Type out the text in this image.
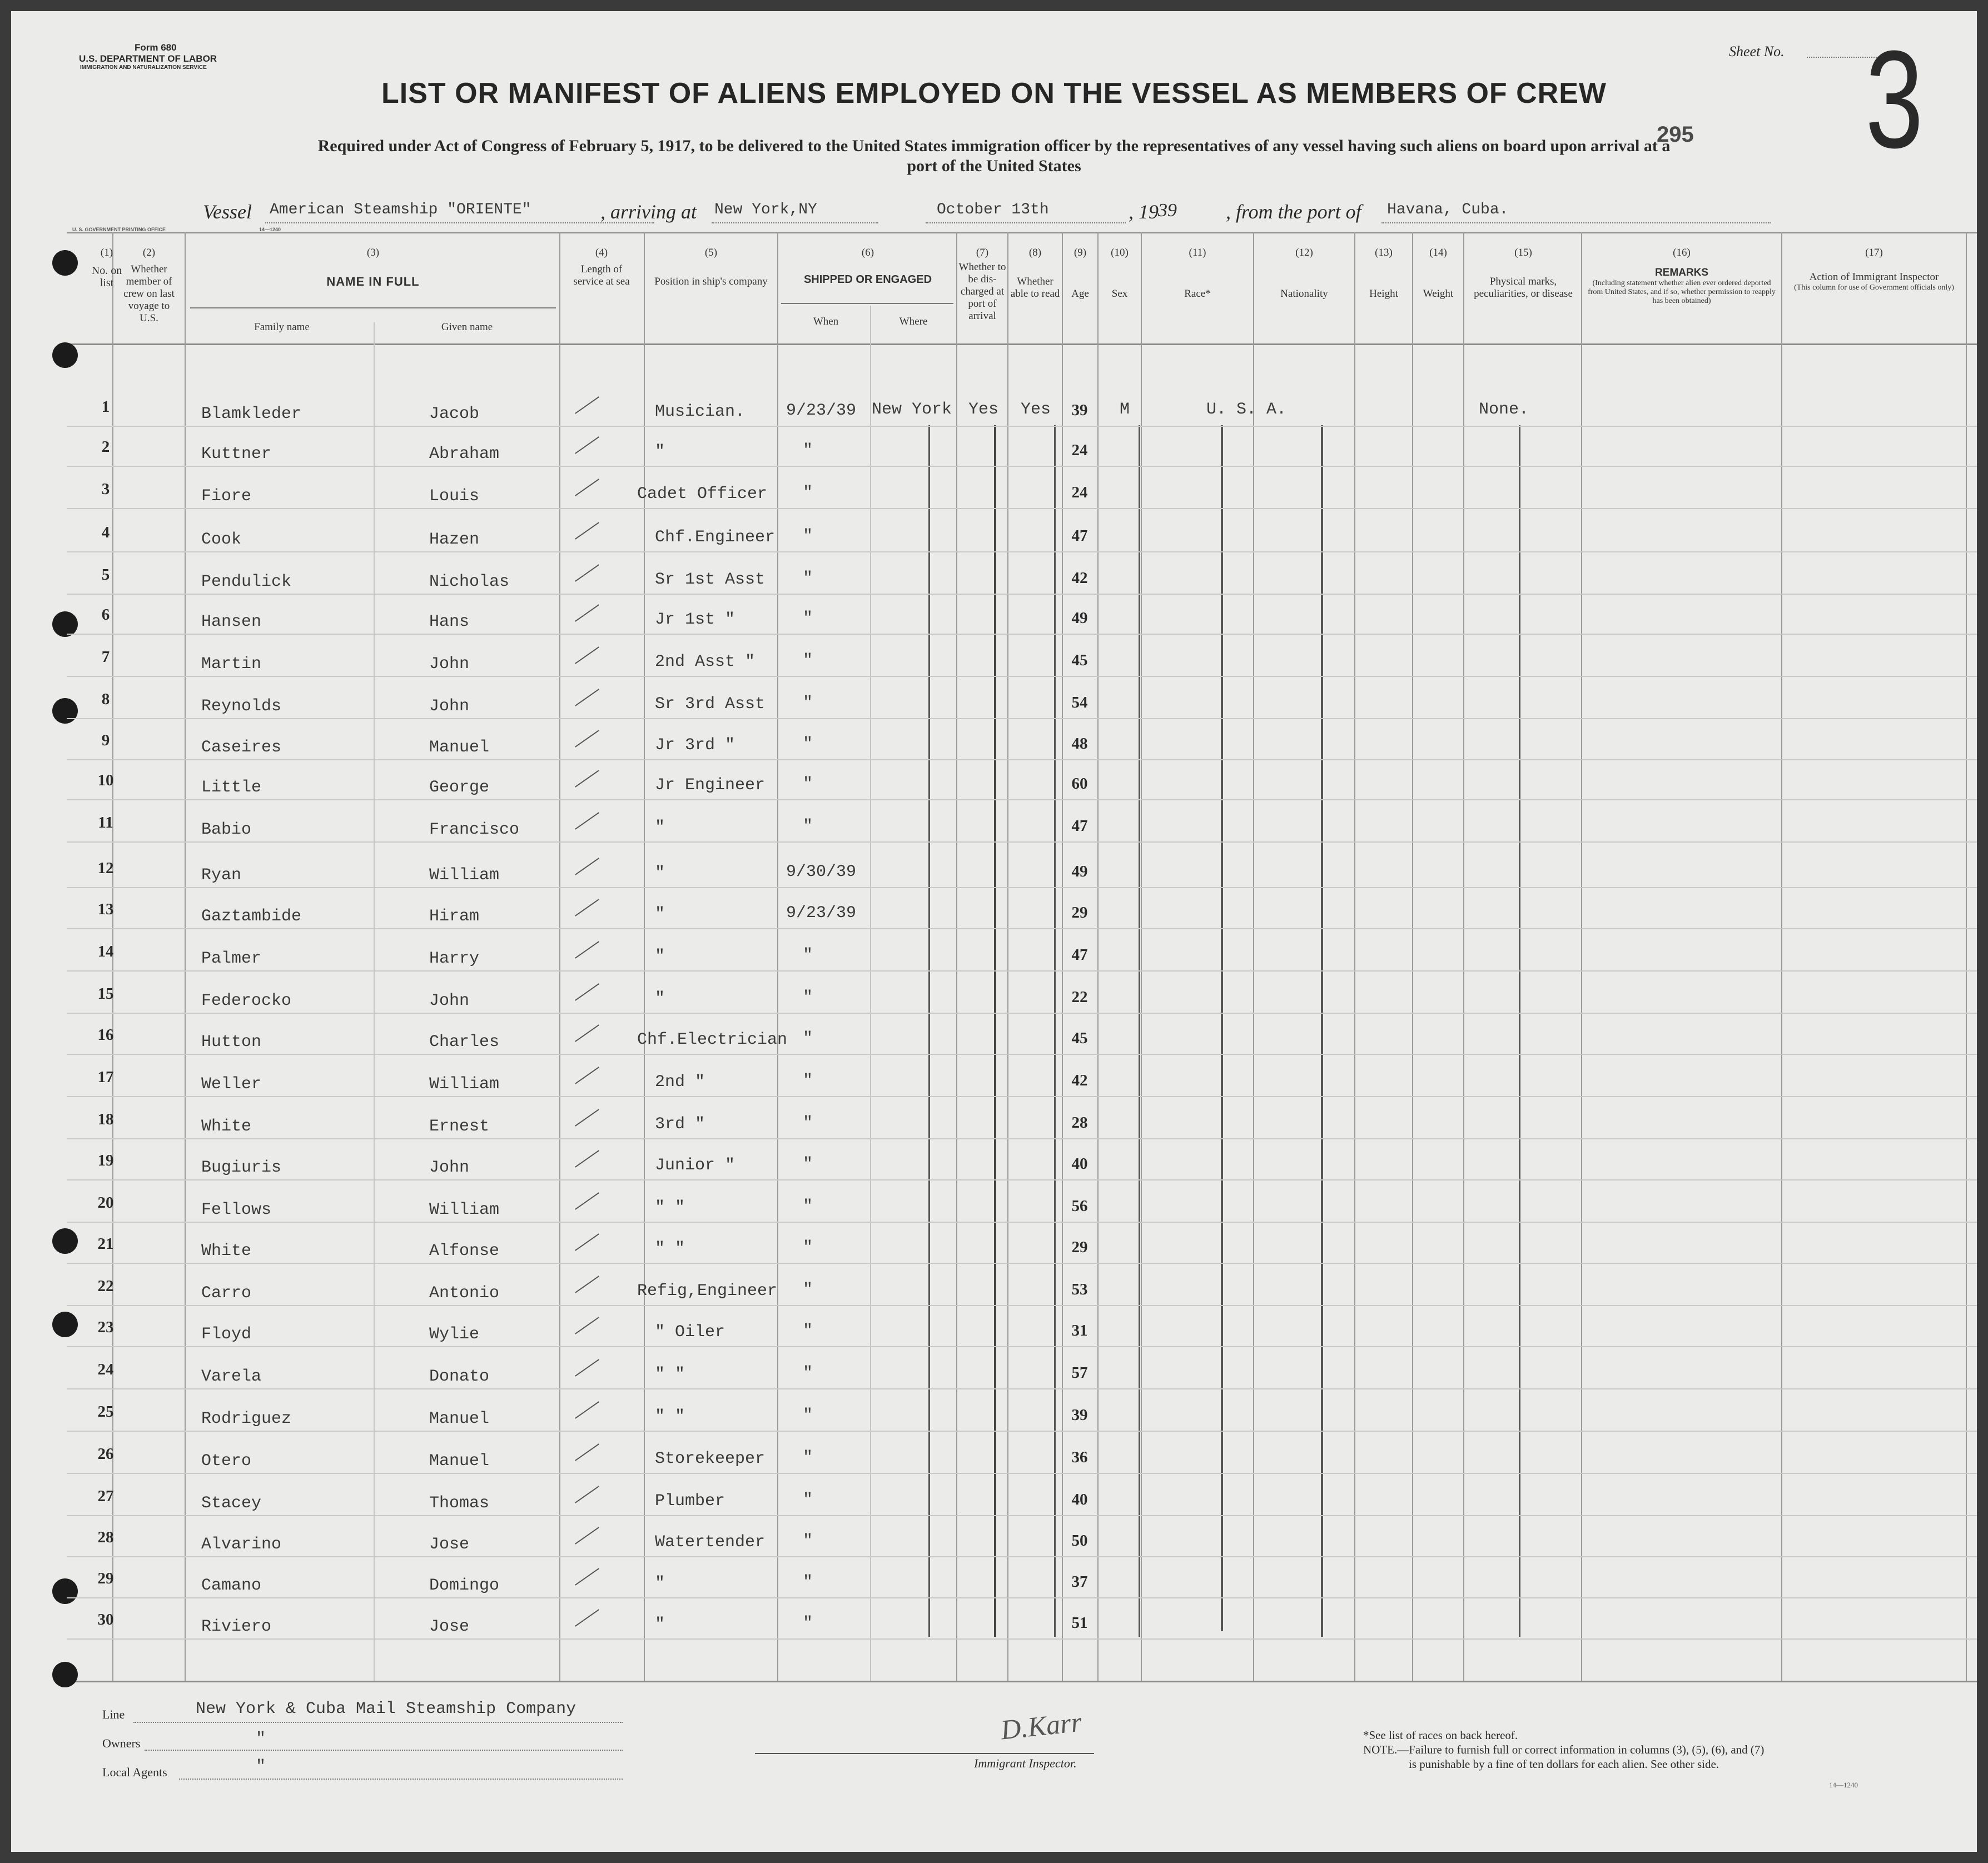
Form 680
U.S. DEPARTMENT OF LABOR
IMMIGRATION AND NATURALIZATION SERVICE
Sheet No. 3
295
LIST OR MANIFEST OF ALIENS EMPLOYED ON THE VESSEL AS MEMBERS OF CREW
Required under Act of Congress of February 5, 1917, to be delivered to the United States immigration officer by the representatives of any vessel having such aliens on board upon arrival at a
port of the United States
Vessel American Steamship "ORIENTE"	, arriving at New York,NY	October 13th	, 19 39 , from the port of Havana, Cuba.
U. S. GOVERNMENT PRINTING OFFICE	14—1240
(1)
No. on list
(2)
Whether member of crew on last voyage to U.S.
(3)
NAME IN FULL
Family name	Given name
(4)
Length of service at sea
(5)
Position in ship's company
(6)
SHIPPED OR ENGAGED
When	Where
(7)
Whether to be dis-charged at port of arrival
(8)
Whether able to read
(9)
Age
(10)
Sex
(11)
Race*
(12)
Nationality
(13)
Height
(14)
Weight
(15)
Physical marks, peculiarities, or disease
(16)
REMARKS
(Including statement whether alien ever ordered deported from United States, and if so, whether permission to reapply has been obtained)
(17)
Action of Immigrant Inspector
(This column for use of Government officials only)
New York Yes Yes	M	U. S. A.	None.
Line	New York & Cuba Mail Steamship Company
Owners	"
Local Agents	"
D.Karr
Immigrant Inspector.
*See list of races on back hereof.
NOTE.—Failure to furnish full or correct information in columns (3), (5), (6), and (7)
is punishable by a fine of ten dollars for each alien. See other side.
14—1240
1	Blamkleder	Jacob	Musician. 9/23/39	39
2	Kuttner	Abraham	"	"	24
3	Fiore	Louis	Cadet Officer "	24
4	Cook	Hazen	Chf.Engineer "	47
5	Pendulick	Nicholas	Sr 1st Asst "	42
6	Hansen	Hans	Jr 1st "	"	49
7	Martin	John	2nd Asst "	"	45
8	Reynolds	John	Sr 3rd Asst "	54
9	Caseires	Manuel	Jr 3rd "	"	48
10	Little	George	Jr Engineer "	60
11	Babio	Francisco	"	"	47
12	Ryan	William	"	9/30/39	49
13	Gaztambide	Hiram	"	9/23/39	29
14	Palmer	Harry	"	"	47
15	Federocko	John	"	"	22
16	Hutton	Charles	Chf.Electrician "	45
17	Weller	William	2nd "	"	42
18	White	Ernest	3rd "	"	28
19	Bugiuris	John	Junior "	"	40
20	Fellows	William	" "	"	56
21	White	Alfonse	" "	"	29
22	Carro	Antonio	Refig,Engineer "	53
23	Floyd	Wylie	" Oiler	"	31
24	Varela	Donato	" "	"	57
25	Rodriguez	Manuel	" "	"	39
26	Otero	Manuel	Storekeeper "	36
27	Stacey	Thomas	Plumber	"	40
28	Alvarino	Jose	Watertender "	50
29	Camano	Domingo	"	"	37
30	Riviero	Jose	"	"	51
